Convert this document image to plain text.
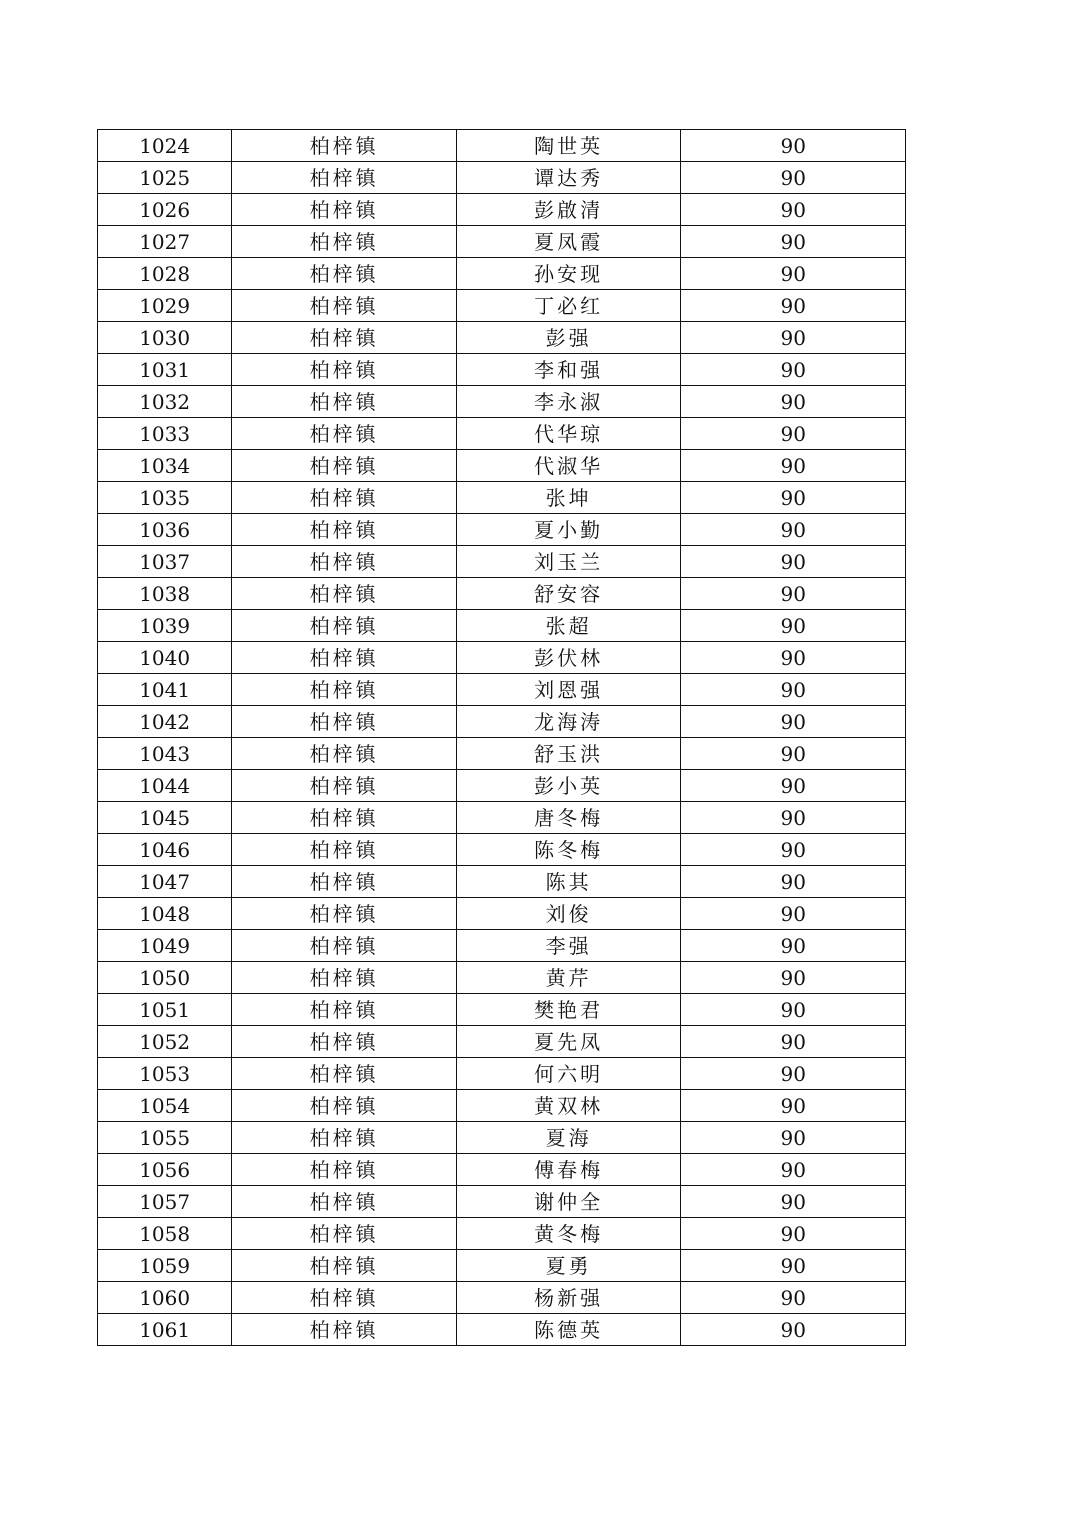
1024	柏梓镇	陶世英	90
1025	柏梓镇	谭达秀	90
1026	柏梓镇	彭啟清	90
1027	柏梓镇	夏凤霞	90
1028	柏梓镇	孙安现	90
1029	柏梓镇	丁必红	90
1030	柏梓镇	彭强	90
1031	柏梓镇	李和强	90
1032	柏梓镇	李永淑	90
1033	柏梓镇	代华琼	90
1034	柏梓镇	代淑华	90
1035	柏梓镇	张坤	90
1036	柏梓镇	夏小勤	90
1037	柏梓镇	刘玉兰	90
1038	柏梓镇	舒安容	90
1039	柏梓镇	张超	90
1040	柏梓镇	彭伏林	90
1041	柏梓镇	刘恩强	90
1042	柏梓镇	龙海涛	90
1043	柏梓镇	舒玉洪	90
1044	柏梓镇	彭小英	90
1045	柏梓镇	唐冬梅	90
1046	柏梓镇	陈冬梅	90
1047	柏梓镇	陈其	90
1048	柏梓镇	刘俊	90
1049	柏梓镇	李强	90
1050	柏梓镇	黄芹	90
1051	柏梓镇	樊艳君	90
1052	柏梓镇	夏先凤	90
1053	柏梓镇	何六明	90
1054	柏梓镇	黄双林	90
1055	柏梓镇	夏海	90
1056	柏梓镇	傅春梅	90
1057	柏梓镇	谢仲全	90
1058	柏梓镇	黄冬梅	90
1059	柏梓镇	夏勇	90
1060	柏梓镇	杨新强	90
1061	柏梓镇	陈德英	90
